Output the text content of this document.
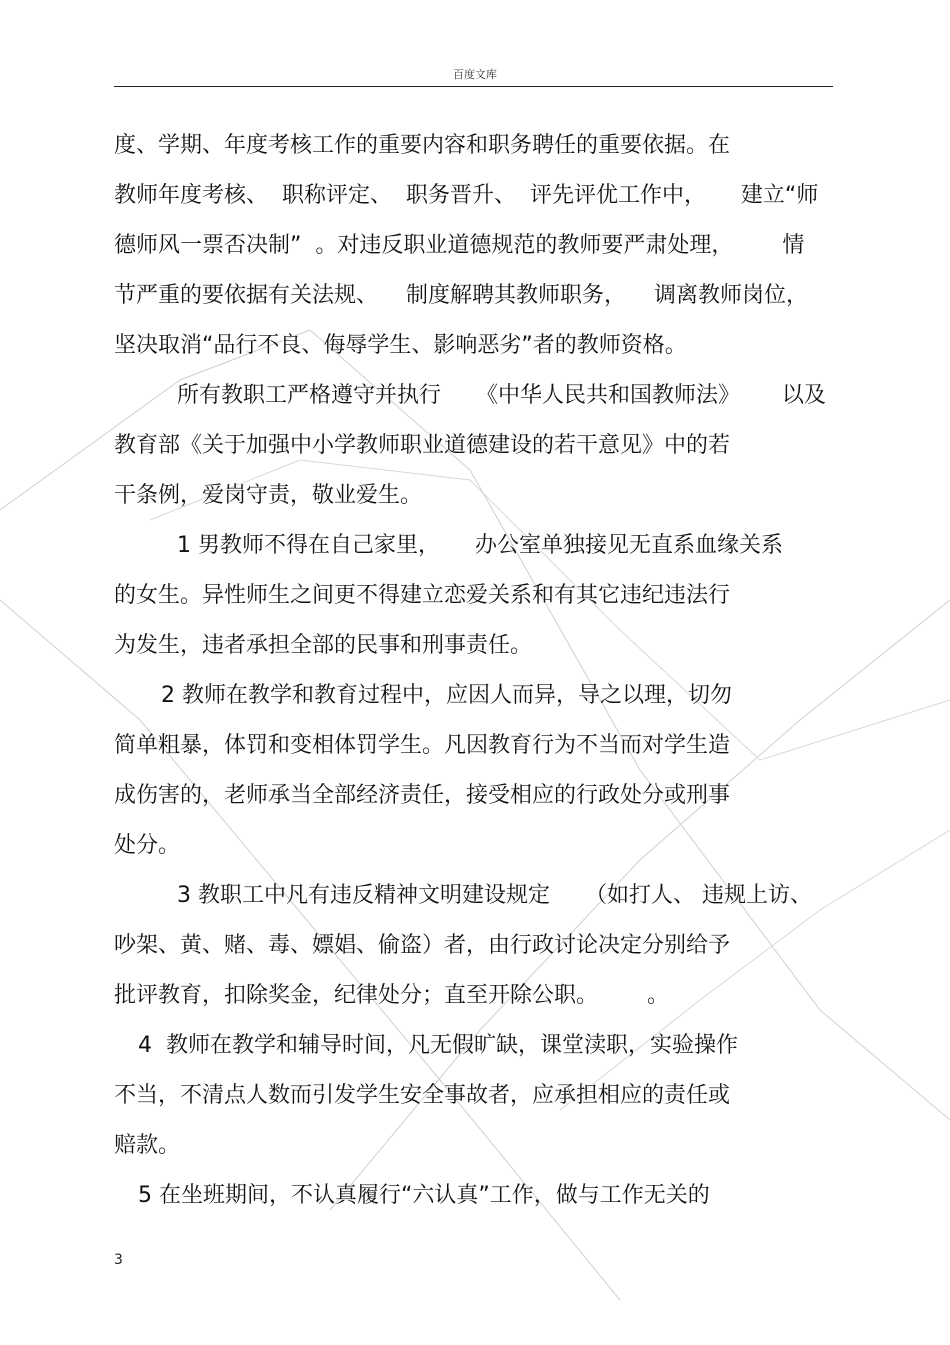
百度文库
度、学期、年度考核工作的重要内容和职务聘任的重要依据。在
教师年度考核、  职称评定、  职务晋升、  评先评优工作中，     建立“师
德师风一票否决制”  。对违反职业道德规范的教师要严肃处理，       情
节严重的要依据有关法规、    制度解聘其教师职务，    调离教师岗位，
坚决取消“品行不良、侮辱学生、影响恶劣”者的教师资格。
所有教职工严格遵守并执行     《中华人民共和国教师法》      以及
教育部《关于加强中小学教师职业道德建设的若干意见》中的若
干条例，爱岗守责，敬业爱生。
1 男教师不得在自己家里，     办公室单独接见无直系血缘关系
的女生。异性师生之间更不得建立恋爱关系和有其它违纪违法行
为发生，违者承担全部的民事和刑事责任。
2 教师在教学和教育过程中，应因人而异，导之以理，切勿
简单粗暴，体罚和变相体罚学生。凡因教育行为不当而对学生造
成伤害的，老师承当全部经济责任，接受相应的行政处分或刑事
处分。
3 教职工中凡有违反精神文明建设规定     （如打人、 违规上访、
吵架、黄、赌、毒、嫖娼、偷盗）者，由行政讨论决定分别给予
批评教育，扣除奖金，纪律处分；直至开除公职。       。
4  教师在教学和辅导时间，凡无假旷缺，课堂渎职，实验操作
不当，不清点人数而引发学生安全事故者，应承担相应的责任或
赔款。
5 在坐班期间，不认真履行“六认真”工作，做与工作无关的
3
